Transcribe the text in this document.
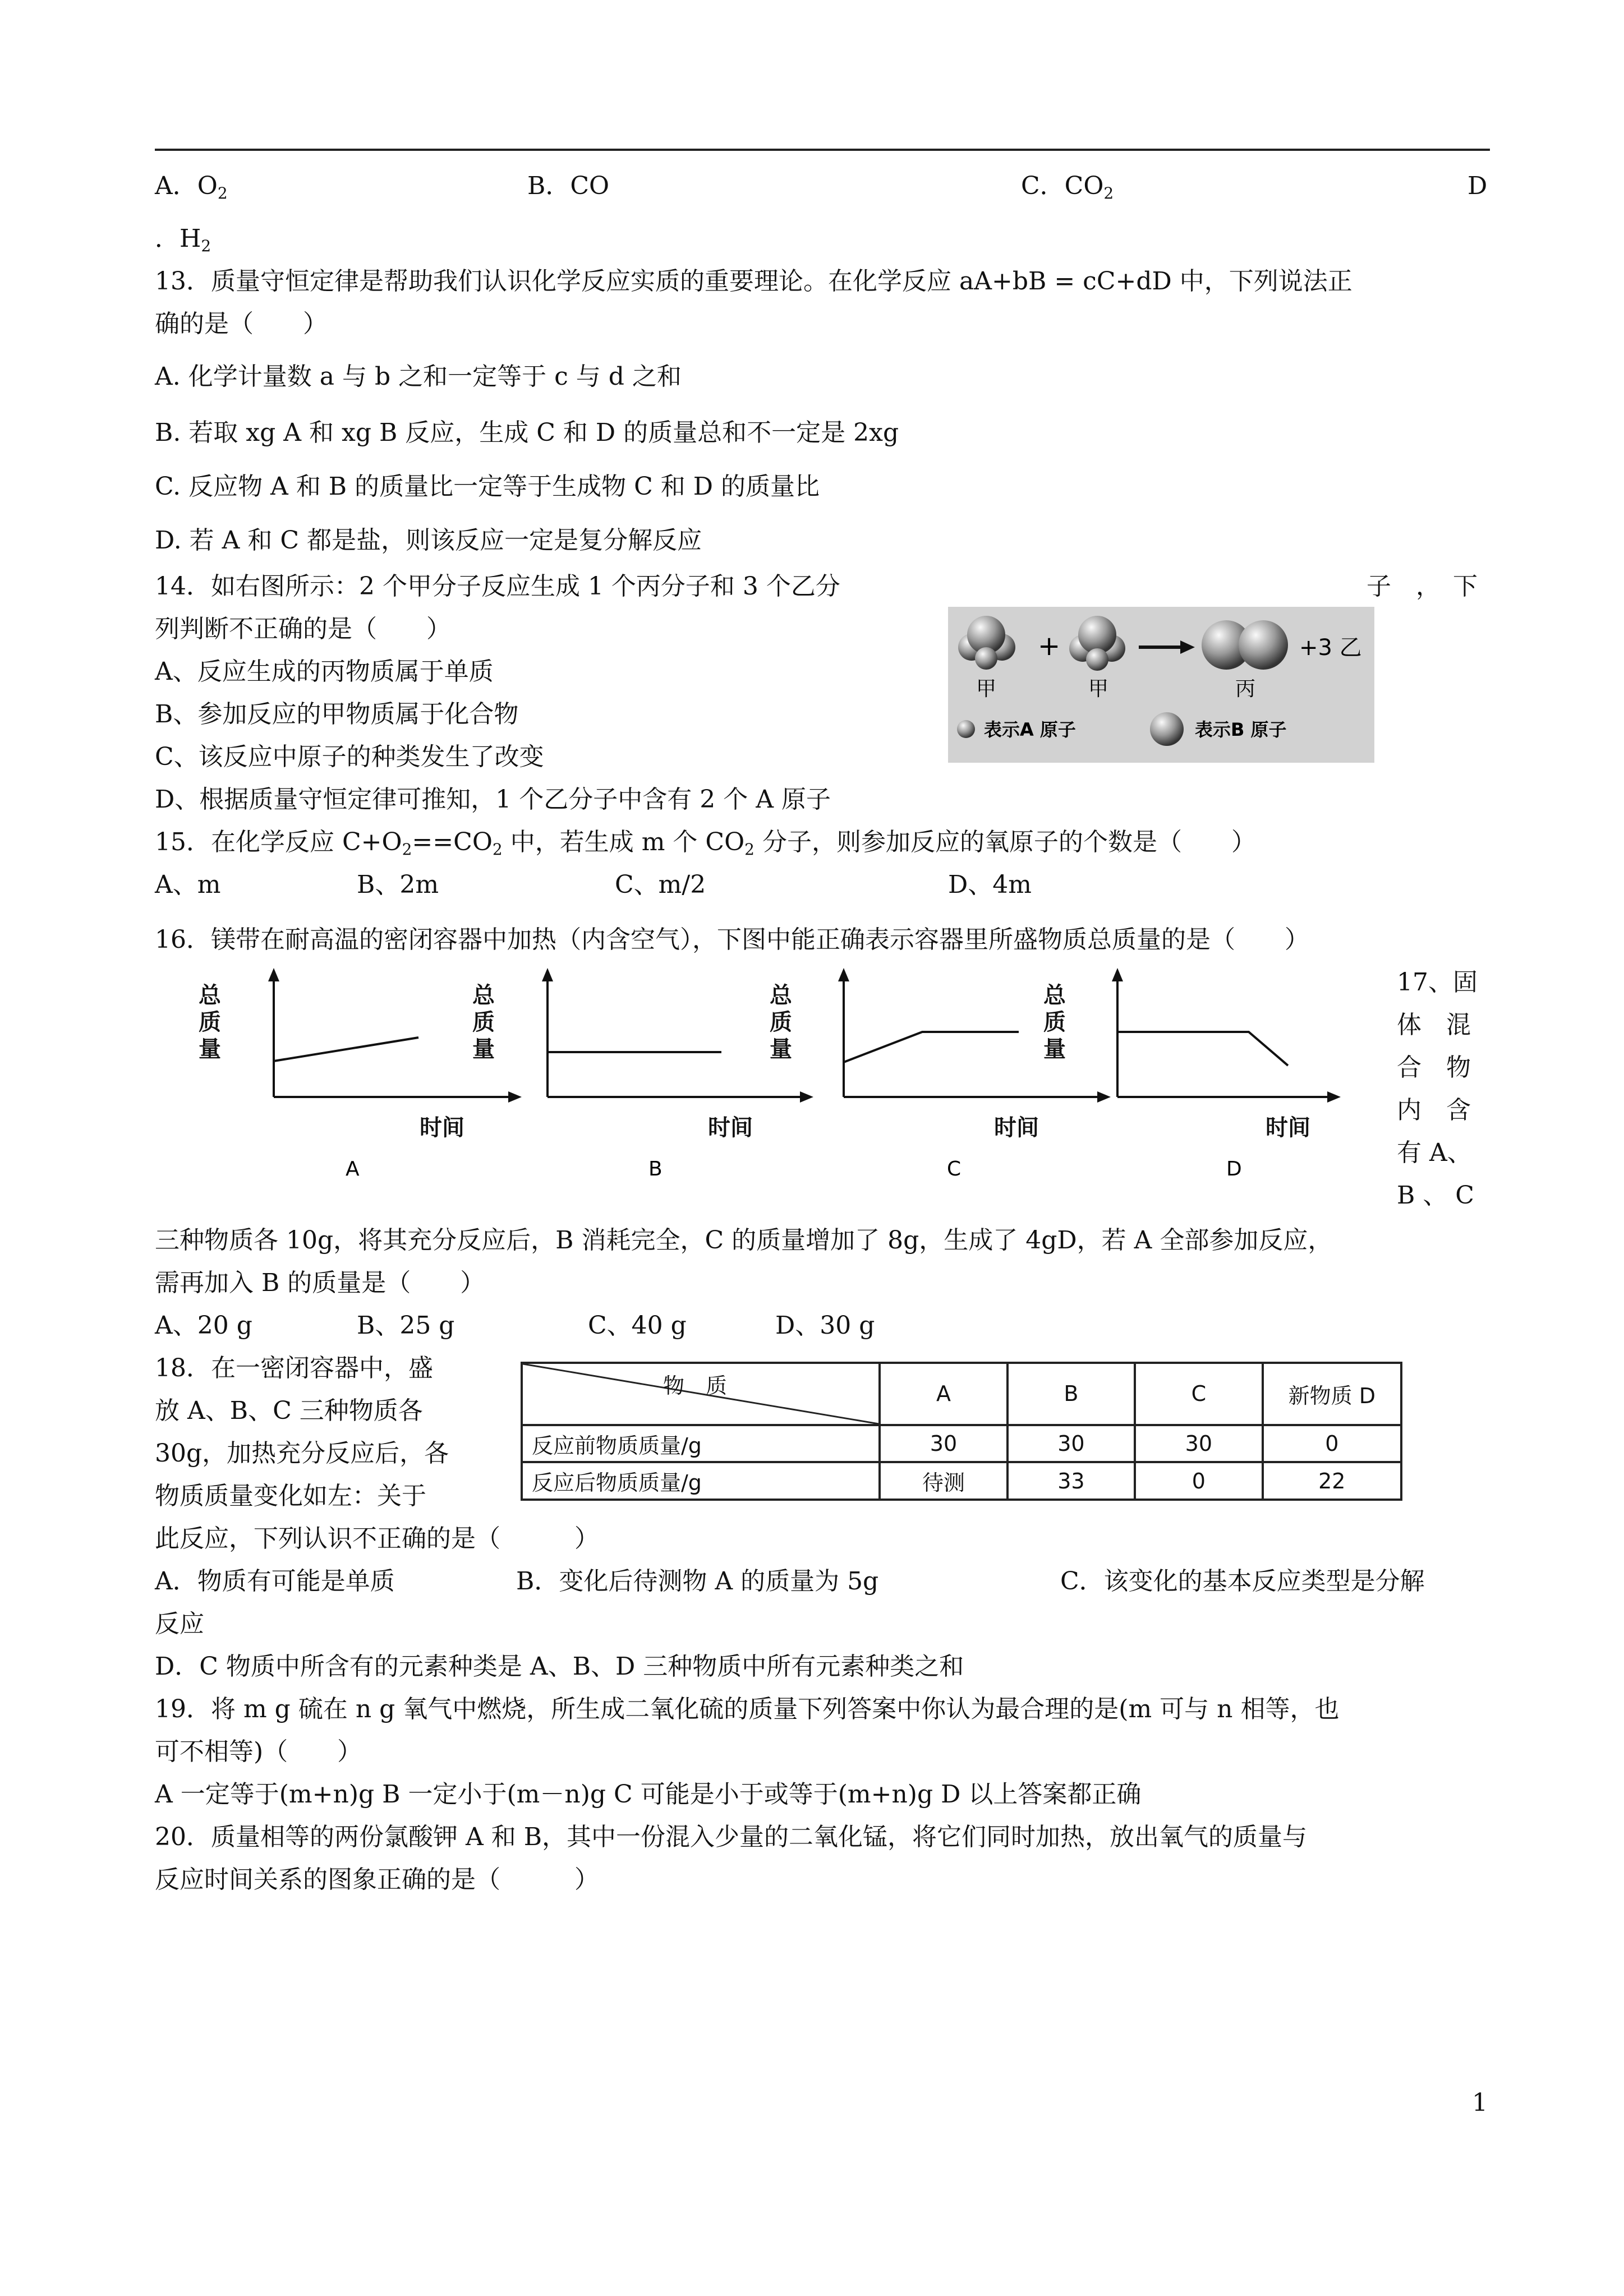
A．$O_2$	B．CO	C．$CO_2$	D
．$H_2$
13．质量守恒定律是帮助我们认识化学反应实质的重要理论。在化学反应 aA+bB = cC+dD 中，下列说法正
确的是（　　）
A. 化学计量数 a 与 b 之和一定等于 c 与 d 之和
B. 若取 xg A 和 xg B 反应，生成 C 和 D 的质量总和不一定是 2xg
C. 反应物 A 和 B 的质量比一定等于生成物 C 和 D 的质量比
D. 若 A 和 C 都是盐，则该反应一定是复分解反应
14．如右图所示：2 个甲分子反应生成 1 个丙分子和 3 个乙分	子　，　下
列判断不正确的是（　　）
A、反应生成的丙物质属于单质
B、参加反应的甲物质属于化合物
C、该反应中原子的种类发生了改变
D、根据质量守恒定律可推知，1 个乙分子中含有 2 个 A 原子
+	+3 乙
甲	甲	丙
表示A 原子	表示B 原子
15．在化学反应 $C+O_2==CO_2$ 中，若生成 m 个 $CO_2$ 分子，则参加反应的氧原子的个数是（　　）
A、m	B、2m	C、m/2	D、4m
16．镁带在耐高温的密闭容器中加热（内含空气），下图中能正确表示容器里所盛物质总质量的是（　　）
总
质
量
时间
A
总
质
量
时间
B
总
质
量
时间
C
总
质
量
时间
D
17、固
体　混
合　物
内　含
有 A、
B 、 C
三种物质各 10g，将其充分反应后，B 消耗完全，C 的质量增加了 8g，生成了 4gD，若 A 全部参加反应，
需再加入 B 的质量是（　　）
A、20 g	B、25 g	C、40 g	D、30 g
18．在一密闭容器中，盛
放 A、B、C 三种物质各
30g，加热充分反应后，各
物质质量变化如左：关于
物　质	A	B	C	新物质 D
反应前物质质量/g	30	30	30	0
反应后物质质量/g	待测	33	0	22
此反应，下列认识不正确的是（　　　）
A．物质有可能是单质	B．变化后待测物 A 的质量为 5g	C．该变化的基本反应类型是分解
反应
D．C 物质中所含有的元素种类是 A、B、D 三种物质中所有元素种类之和
19．将 m g 硫在 n g 氧气中燃烧，所生成二氧化硫的质量下列答案中你认为最合理的是(m 可与 n 相等，也
可不相等)（　　）
A 一定等于(m+n)g B 一定小于(m－n)g C 可能是小于或等于(m+n)g D 以上答案都正确
20．质量相等的两份氯酸钾 A 和 B，其中一份混入少量的二氧化锰，将它们同时加热，放出氧气的质量与
反应时间关系的图象正确的是（　　　）
1
